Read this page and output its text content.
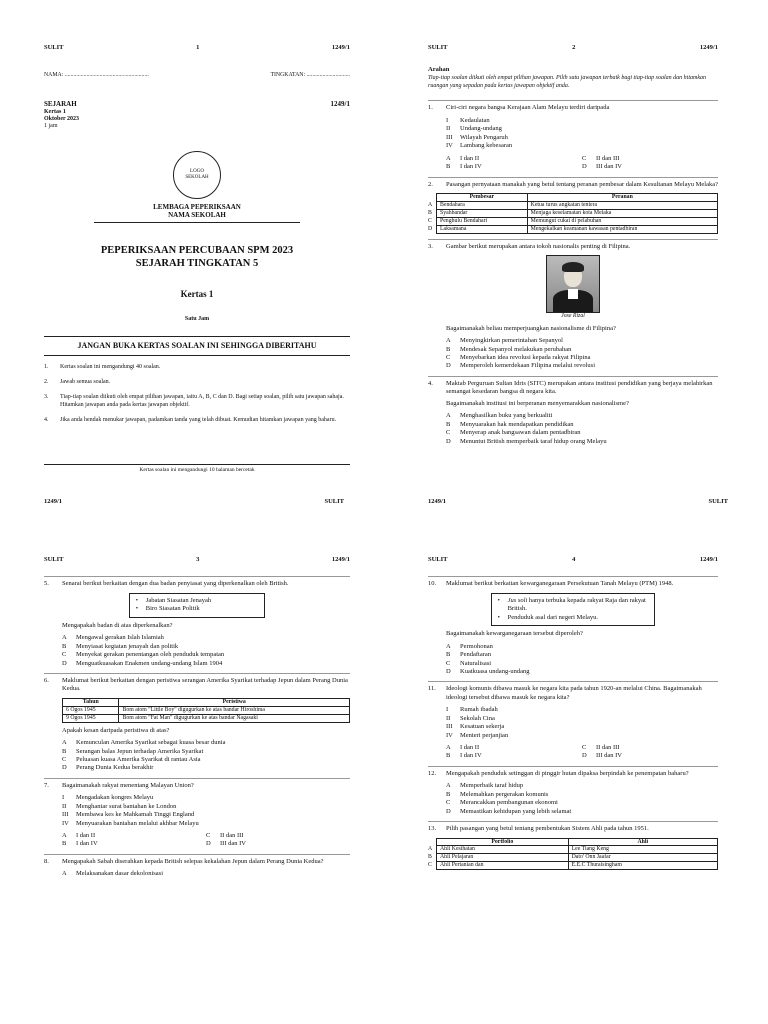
SULIT	1	1249/1
NAMA: ..........................................................	TINGKATAN: ..............................
SEJARAH	1249/1
Kertas 1
Oktober 2023
1 jam
LOGO
SEKOLAH
LEMBAGA PEPERIKSAAN
NAMA SEKOLAH
PEPERIKSAAN PERCUBAAN SPM 2023
SEJARAH TINGKATAN 5
Kertas 1
Satu Jam
JANGAN BUKA KERTAS SOALAN INI SEHINGGA DIBERITAHU
1.	Kertas soalan ini mengandungi 40 soalan.
2.	Jawab semua soalan.
3.	Tiap-tiap soalan diikuti oleh empat pilihan jawapan, iaitu A, B, C dan D. Bagi setiap soalan, pilih satu jawapan sahaja. Hitamkan jawapan anda pada kertas jawapan objektif.
4.	Jika anda hendak menukar jawapan, padamkan tanda yang telah dibuat. Kemudian hitamkan jawapan yang baharu.
Kertas soalan ini mengandungi 10 halaman bercetak
1249/1	SULIT
SULIT	2	1249/1
Arahan
Tiap-tiap soalan diikuti oleh empat pilihan jawapan. Pilih satu jawapan terbaik bagi tiap-tiap soalan dan hitamkan ruangan yang sepadan pada kertas jawapan objektif anda.
1.	Ciri-ciri negara bangsa Kerajaan Alam Melayu terdiri daripada
I	Kedaulatan
II	Undang-undang
III	Wilayah Pengaruh
IV	Lambang kebesaran
A	I dan II	C	II dan III
B	I dan IV	D	III dan IV
2.	Pasangan pernyataan manakah yang betul tentang peranan pembesar dalam Kesultanan Melayu Melaka?
	Pembesar	Peranan
A	Bendahara	Ketua turus angkatan tentera
B	Syahbandar	Menjaga keselamatan kota Melaka
C	Penghulu Bendahari	Memungut cukai di pelabuhan
D	Laksamana	Mengekalkan keamanan kawasan pentadbiran
3.	Gambar berikut merupakan antara tokoh nasionalis penting di Filipina.
Jose Rizal
Bagaimanakah beliau memperjuangkan nasionalisme di Filipina?
A	Menyingkirkan pemerintahan Sepanyol
B	Mendesak Sepanyol melakukan perubahan
C	Menyebarkan idea revolusi kepada rakyat Filipina
D	Memperoleh kemerdekaan Filipina melalui revolusi
4.	Maktab Perguruan Sultan Idris (SITC) merupakan antara institusi pendidikan yang berjaya melahirkan semangat kesedaran bangsa di negara kita.
Bagaimanakah institusi ini berperanan menyemarakkan nasionalisme?
A	Menghasilkan buku yang berkualiti
B	Menyuarakan hak mendapatkan pendidikan
C	Menyerap anak bangsawan dalam pentadbiran
D	Menuntut British memperbaik taraf hidup orang Melayu
1249/1	SULIT
SULIT	3	1249/1
5.	Senarai berikut berkaitan dengan dua badan penyiasat yang diperkenalkan oleh British.
•	Jabatan Siasatan Jenayah
•	Biro Siasatan Politik
Mengapakah badan di atas diperkenalkan?
A	Mengawal gerakan Islah Islamiah
B	Menyiasat kegiatan jenayah dan politik
C	Menyekat gerakan penentangan oleh penduduk tempatan
D	Menguatkuasakan Enakmen undang-undang Islam 1904
6.	Maklumat berikut berkaitan dengan peristiwa serangan Amerika Syarikat terhadap Jepun dalam Perang Dunia Kedua.
Tahun	Peristiwa
6 Ogos 1945	Bom atom "Little Boy" digugurkan ke atas bandar Hiroshima
9 Ogos 1945	Bom atom "Fat Man" digugurkan ke atas bandar Nagasaki
Apakah kesan daripada peristiwa di atas?
A	Kemunculan Amerika Syarikat sebagai kuasa besar dunia
B	Serangan balas Jepun terhadap Amerika Syarikat
C	Peluasan kuasa Amerika Syarikat di rantau Asia
D	Perang Dunia Kedua berakhir
7.	Bagaimanakah rakyat menentang Malayan Union?
I	Mengadakan kongres Melayu
II	Menghantar surat bantahan ke London
III	Membawa kes ke Mahkamah Tinggi England
IV	Menyuarakan bantahan melalui akhbar Melayu
A	I dan II	C	II dan III
B	I dan IV	D	III dan IV
8.	Mengapakah Sabah diserahkan kepada British selepas kekalahan Jepun dalam Perang Dunia Kedua?
A	Melaksanakan dasar dekolonisasi
SULIT	4	1249/1
10.	Maklumat berikut berkaitan kewarganegaraan Persekutuan Tanah Melayu (PTM) 1948.
•	Jus soli hanya terbuka kepada rakyat Raja dan rakyat British.
•	Penduduk asal dari negeri Melayu.
Bagaimanakah kewarganegaraan tersebut diperoleh?
A	Permohonan
B	Pendaftaran
C	Naturalisasi
D	Kuatkuasa undang-undang
11.	Ideologi komunis dibawa masuk ke negara kita pada tahun 1920-an melalui China. Bagaimanakah ideologi tersebut dibawa masuk ke negara kita?
I	Rumah ibadah
II	Sekolah Cina
III	Kesatuan sekerja
IV	Menteri perjanjian
A	I dan II	C	II dan III
B	I dan IV	D	III dan IV
12.	Mengapakah penduduk setinggan di pinggir hutan dipaksa berpindah ke penempatan baharu?
A	Memperbaik taraf hidup
B	Melemahkan pergerakan komunis
C	Merancakkan pembangunan ekonomi
D	Memastikan kehidupan yang lebih selamat
13.	Pilih pasangan yang betul tentang pembentukan Sistem Ahli pada tahun 1951.
	Portfolio	Ahli
A	Ahli Kesihatan	Lee Tiang Keng
B	Ahli Pelajaran	Dato' Onn Jaafar
C	Ahli Pertanian dan	E.E.C Thuraisingham
